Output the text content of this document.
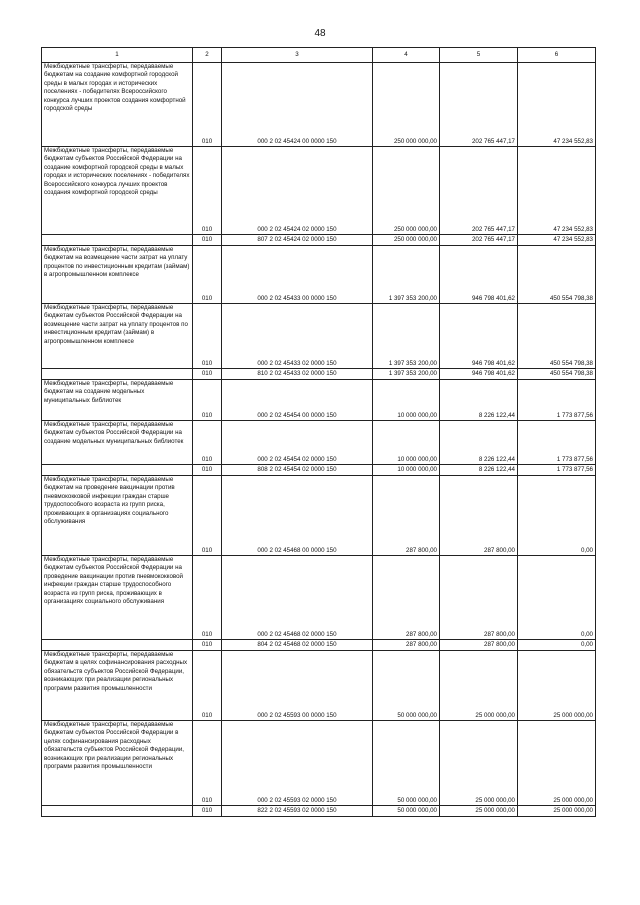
48
1	2	3	4	5	6
Межбюджетные трансферты, передаваемые бюджетам на создание комфортной городской среды в малых городах и исторических поселениях - победителях Всероссийского конкурса лучших проектов создания комфортной городской среды	010	000 2 02 45424 00 0000 150	250 000 000,00	202 765 447,17	47 234 552,83
Межбюджетные трансферты, передаваемые бюджетам субъектов Российской Федерации на создание комфортной городской среды в малых городах и исторических поселениях - победителях Всероссийского конкурса лучших проектов создания комфортной городской среды	010	000 2 02 45424 02 0000 150	250 000 000,00	202 765 447,17	47 234 552,83
	010	807 2 02 45424 02 0000 150	250 000 000,00	202 765 447,17	47 234 552,83
Межбюджетные трансферты, передаваемые бюджетам на возмещение части затрат на уплату процентов по инвестиционным кредитам (займам) в агропромышленном комплексе	010	000 2 02 45433 00 0000 150	1 397 353 200,00	946 798 401,62	450 554 798,38
Межбюджетные трансферты, передаваемые бюджетам субъектов Российской Федерации на возмещение части затрат на уплату процентов по инвестиционным кредитам (займам) в агропромышленном комплексе	010	000 2 02 45433 02 0000 150	1 397 353 200,00	946 798 401,62	450 554 798,38
	010	810 2 02 45433 02 0000 150	1 397 353 200,00	946 798 401,62	450 554 798,38
Межбюджетные трансферты, передаваемые бюджетам на создание модельных муниципальных библиотек	010	000 2 02 45454 00 0000 150	10 000 000,00	8 226 122,44	1 773 877,56
Межбюджетные трансферты, передаваемые бюджетам субъектов Российской Федерации на создание модельных муниципальных библиотек	010	000 2 02 45454 02 0000 150	10 000 000,00	8 226 122,44	1 773 877,56
	010	808 2 02 45454 02 0000 150	10 000 000,00	8 226 122,44	1 773 877,56
Межбюджетные трансферты, передаваемые бюджетам на проведение вакцинации против пневмококковой инфекции граждан старше трудоспособного возраста из групп риска, проживающих в организациях социального обслуживания	010	000 2 02 45468 00 0000 150	287 800,00	287 800,00	0,00
Межбюджетные трансферты, передаваемые бюджетам субъектов Российской Федерации на проведение вакцинации против пневмококковой инфекции граждан старше трудоспособного возраста из групп риска, проживающих в организациях социального обслуживания	010	000 2 02 45468 02 0000 150	287 800,00	287 800,00	0,00
	010	804 2 02 45468 02 0000 150	287 800,00	287 800,00	0,00
Межбюджетные трансферты, передаваемые бюджетам в целях софинансирования расходных обязательств субъектов Российской Федерации, возникающих при реализации региональных программ развития промышленности	010	000 2 02 45593 00 0000 150	50 000 000,00	25 000 000,00	25 000 000,00
Межбюджетные трансферты, передаваемые бюджетам субъектов Российской Федерации в целях софинансирования расходных обязательств субъектов Российской Федерации, возникающих при реализации региональных программ развития промышленности	010	000 2 02 45593 02 0000 150	50 000 000,00	25 000 000,00	25 000 000,00
	010	822 2 02 45593 02 0000 150	50 000 000,00	25 000 000,00	25 000 000,00
